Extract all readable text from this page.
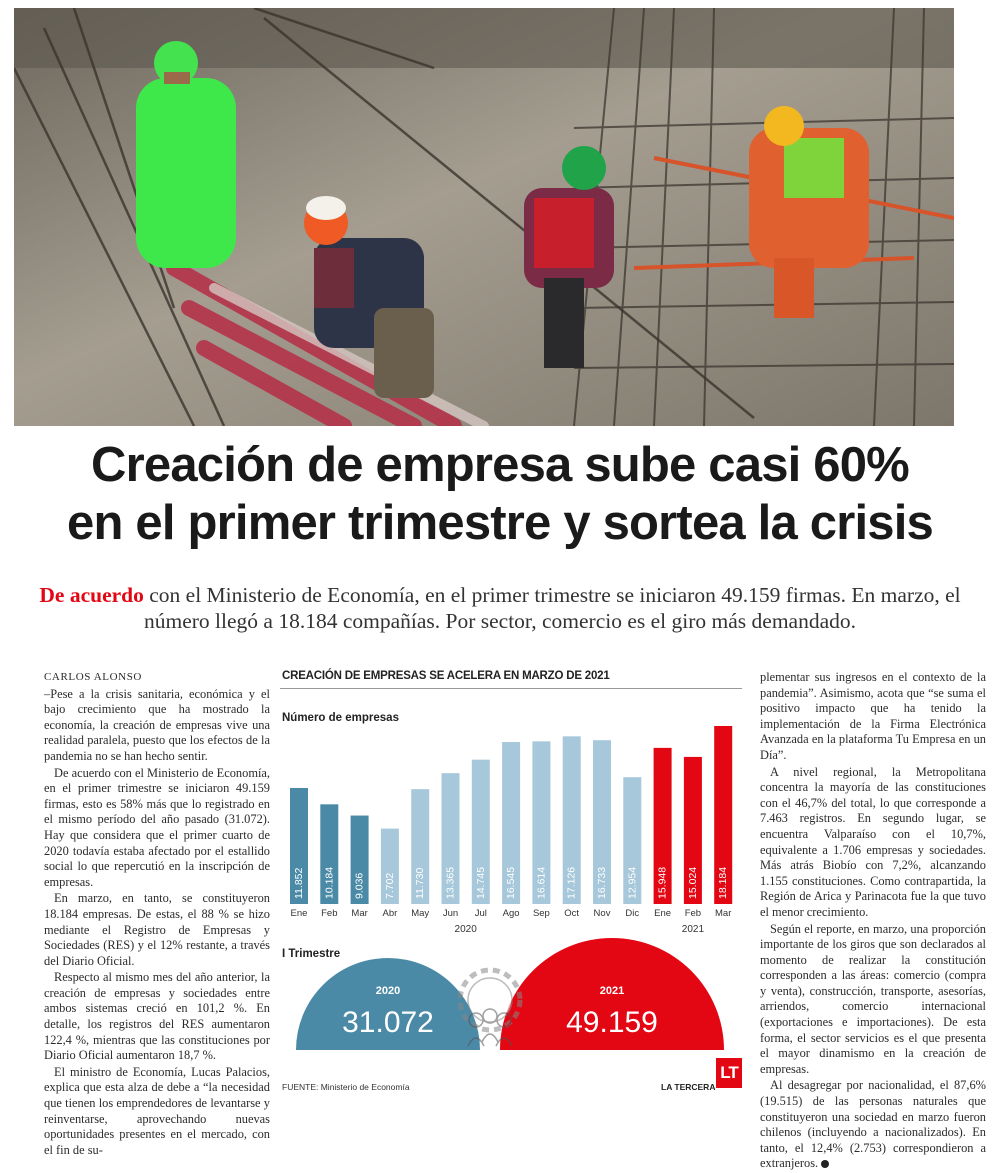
Creación de empresa sube casi 60%
en el primer trimestre y sortea la crisis

De acuerdo con el Ministerio de Economía, en el primer trimestre se iniciaron 49.159 firmas. En marzo, el número llegó a 18.184 compañías. Por sector, comercio es el giro más demandado.

CARLOS ALONSO

–Pese a la crisis sanitaria, económica y el bajo crecimiento que ha mostrado la economía, la creación de empresas vive una realidad paralela, puesto que los efectos de la pandemia no se han hecho sentir.

De acuerdo con el Ministerio de Economía, en el primer trimestre se iniciaron 49.159 firmas, esto es 58% más que lo registrado en el mismo período del año pasado (31.072). Hay que considera que el primer cuarto de 2020 todavía estaba afectado por el estallido social lo que repercutió en la inscripción de empresas.

En marzo, en tanto, se constituyeron 18.184 empresas. De estas, el 88 % se hizo mediante el Registro de Empresas y Sociedades (RES) y el 12% restante, a través del Diario Oficial.

Respecto al mismo mes del año anterior, la creación de empresas y sociedades entre ambos sistemas creció en 101,2 %. En detalle, los registros del RES aumentaron 122,4 %, mientras que las constituciones por Diario Oficial aumentaron 18,7 %.

El ministro de Economía, Lucas Palacios, explica que esta alza de debe a “la necesidad que tienen los emprendedores de levantarse y reinventarse, aprovechando nuevas oportunidades presentes en el mercado, con el fin de su-

CREACIÓN DE EMPRESAS SE ACELERA EN MARZO DE 2021
Número de empresas
11.852
Ene
10.184
Feb
9.036
Mar
7.702
Abr
11.730
May
13.365
Jun
14.745
Jul
16.545
Ago
16.614
Sep
17.126
Oct
16.733
Nov
12.954
Dic
15.948
Ene
15.024
Feb
18.184
Mar
2020	2021
I Trimestre
2020
31.072
2021
49.159
FUENTE: Ministerio de Economía	LA TERCERA
LT

plementar sus ingresos en el contexto de la pandemia”. Asimismo, acota que “se suma el positivo impacto que ha tenido la implementación de la Firma Electrónica Avanzada en la plataforma Tu Empresa en un Día”.

A nivel regional, la Metropolitana concentra la mayoría de las constituciones con el 46,7% del total, lo que corresponde a 7.463 registros. En segundo lugar, se encuentra Valparaíso con el 10,7%, equivalente a 1.706 empresas y sociedades. Más atrás Biobío con 7,2%, alcanzando 1.155 constituciones. Como contrapartida, la Región de Arica y Parinacota fue la que tuvo el menor crecimiento.

Según el reporte, en marzo, una proporción importante de los giros que son declarados al momento de realizar la constitución corresponden a las áreas: comercio (compra y venta), construcción, transporte, asesorías, arriendos, comercio internacional (exportaciones e importaciones). De esta forma, el sector servicios es el que presenta el mayor dinamismo en la creación de empresas.

Al desagregar por nacionalidad, el 87,6% (19.515) de las personas naturales que constituyeron una sociedad en marzo fueron chilenos (incluyendo a nacionalizados). En tanto, el 12,4% (2.753) correspondieron a extranjeros.
